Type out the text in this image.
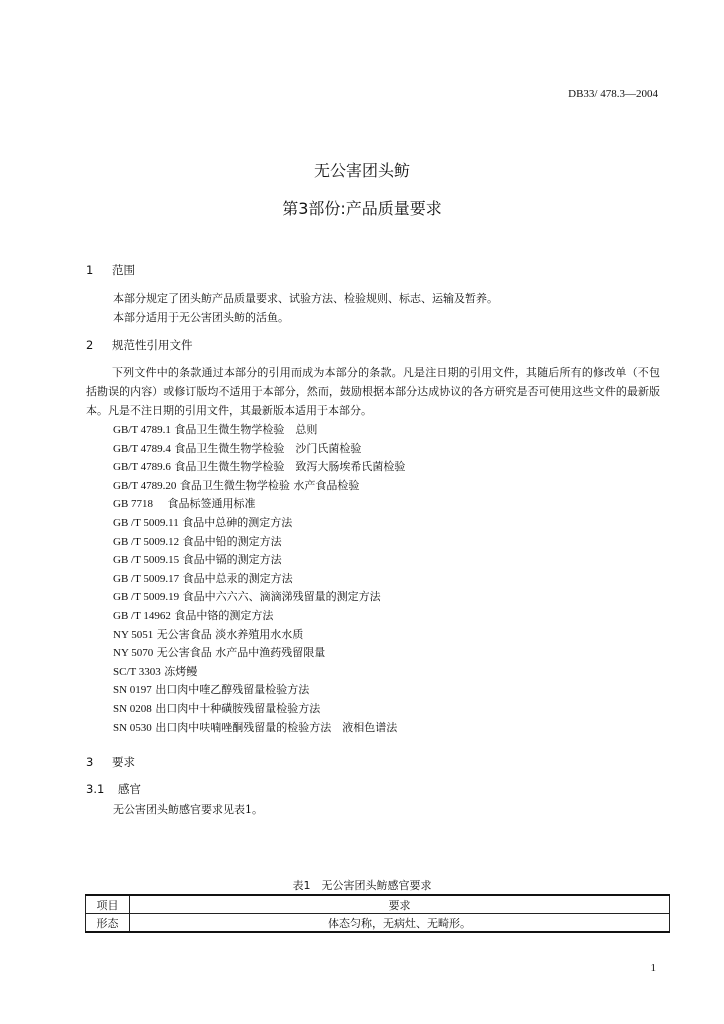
DB33/ 478.3—2004
无公害团头鲂
第3部份:产品质量要求
1 范围
本部分规定了团头鲂产品质量要求、试验方法、检验规则、标志、运输及暂养。
本部分适用于无公害团头鲂的活鱼。
2 规范性引用文件
下列文件中的条款通过本部分的引用而成为本部分的条款。凡是注日期的引用文件，其随后所有的修改单（不包括勘误的内容）或修订版均不适用于本部分，然而，鼓励根据本部分达成协议的各方研究是否可使用这些文件的最新版本。凡是不注日期的引用文件，其最新版本适用于本部分。
GB/T 4789.1 食品卫生微生物学检验　总则
GB/T 4789.4 食品卫生微生物学检验　沙门氏菌检验
GB/T 4789.6 食品卫生微生物学检验　致泻大肠埃希氏菌检验
GB/T 4789.20 食品卫生微生物学检验 水产食品检验
GB 7718 　食品标签通用标准
GB /T 5009.11 食品中总砷的测定方法
GB /T 5009.12 食品中铅的测定方法
GB /T 5009.15 食品中镉的测定方法
GB /T 5009.17 食品中总汞的测定方法
GB /T 5009.19 食品中六六六、滴滴涕残留量的测定方法
GB /T 14962 食品中铬的测定方法
NY 5051 无公害食品 淡水养殖用水水质
NY 5070 无公害食品 水产品中渔药残留限量
SC/T 3303 冻烤鳗
SN 0197 出口肉中喹乙醇残留量检验方法
SN 0208 出口肉中十种磺胺残留量检验方法
SN 0530 出口肉中呋喃唑酮残留量的检验方法　液相色谱法
3 要求
3.1 感官
无公害团头鲂感官要求见表1。
表1　无公害团头鲂感官要求
项目	要求
形态	体态匀称，无病灶、无畸形。
1
